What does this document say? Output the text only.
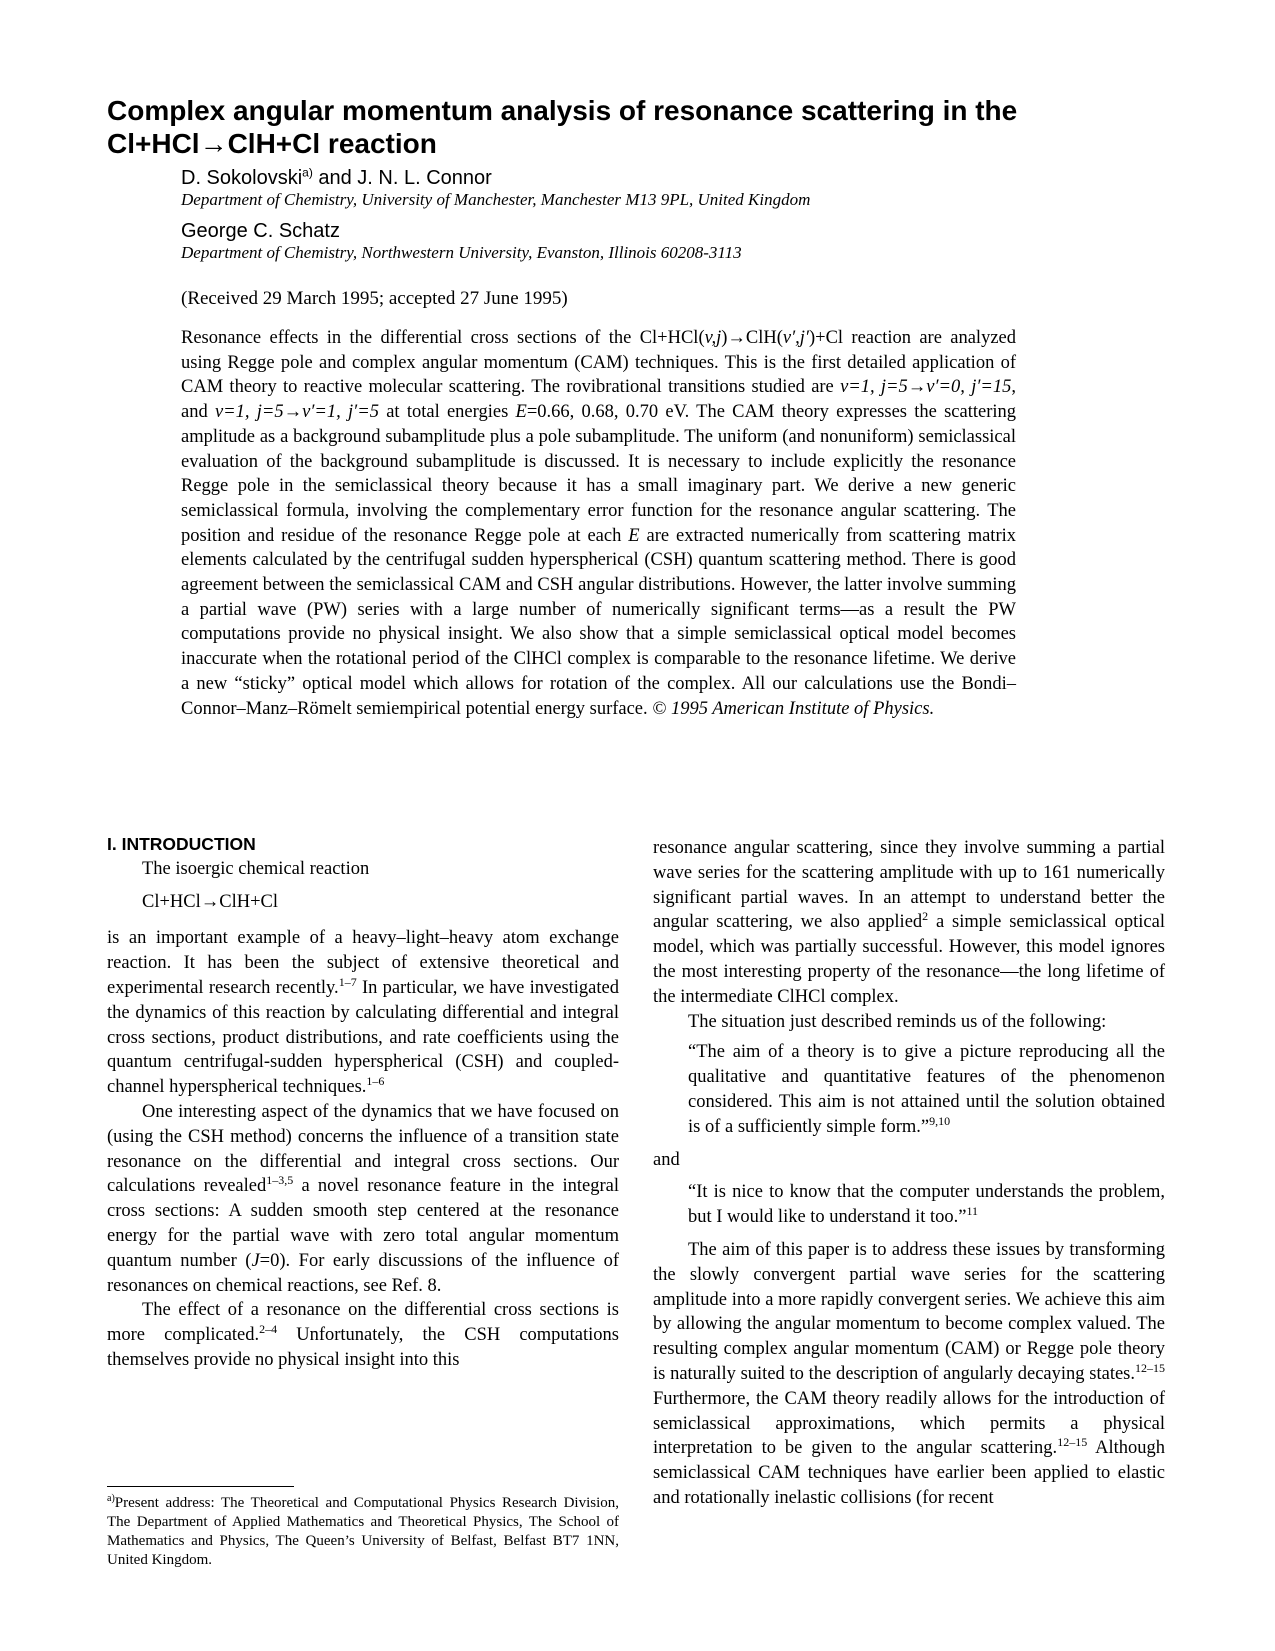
Complex angular momentum analysis of resonance scattering in the Cl+HCl→ClH+Cl reaction
D. Sokolovski$^{a)}$ and J. N. L. Connor
Department of Chemistry, University of Manchester, Manchester M13 9PL, United Kingdom
George C. Schatz
Department of Chemistry, Northwestern University, Evanston, Illinois 60208-3113
(Received 29 March 1995; accepted 27 June 1995)

Resonance effects in the differential cross sections of the Cl+HCl(v,j)→ClH(v′,j′)+Cl reaction are analyzed using Regge pole and complex angular momentum (CAM) techniques. This is the first detailed application of CAM theory to reactive molecular scattering. The rovibrational transitions studied are v=1, j=5→v′=0, j′=15, and v=1, j=5→v′=1, j′=5 at total energies E=0.66, 0.68, 0.70 eV. The CAM theory expresses the scattering amplitude as a background subamplitude plus a pole subamplitude. The uniform (and nonuniform) semiclassical evaluation of the background subamplitude is discussed. It is necessary to include explicitly the resonance Regge pole in the semiclassical theory because it has a small imaginary part. We derive a new generic semiclassical formula, involving the complementary error function for the resonance angular scattering. The position and residue of the resonance Regge pole at each E are extracted numerically from scattering matrix elements calculated by the centrifugal sudden hyperspherical (CSH) quantum scattering method. There is good agreement between the semiclassical CAM and CSH angular distributions. However, the latter involve summing a partial wave (PW) series with a large number of numerically significant terms—as a result the PW computations provide no physical insight. We also show that a simple semiclassical optical model becomes inaccurate when the rotational period of the ClHCl complex is comparable to the resonance lifetime. We derive a new “sticky” optical model which allows for rotation of the complex. All our calculations use the Bondi–Connor–Manz–Römelt semiempirical potential energy surface. © 1995 American Institute of Physics.

I. INTRODUCTION

The isoergic chemical reaction

Cl+HCl→ClH+Cl

is an important example of a heavy–light–heavy atom exchange reaction. It has been the subject of extensive theoretical and experimental research recently.$^{1-7}$ In particular, we have investigated the dynamics of this reaction by calculating differential and integral cross sections, product distributions, and rate coefficients using the quantum centrifugal-sudden hyperspherical (CSH) and coupled-channel hyperspherical techniques.$^{1-6}$

One interesting aspect of the dynamics that we have focused on (using the CSH method) concerns the influence of a transition state resonance on the differential and integral cross sections. Our calculations revealed$^{1-3,5}$ a novel resonance feature in the integral cross sections: A sudden smooth step centered at the resonance energy for the partial wave with zero total angular momentum quantum number (J=0). For early discussions of the influence of resonances on chemical reactions, see Ref. 8.

The effect of a resonance on the differential cross sections is more complicated.$^{2-4}$ Unfortunately, the CSH computations themselves provide no physical insight into this

resonance angular scattering, since they involve summing a partial wave series for the scattering amplitude with up to 161 numerically significant partial waves. In an attempt to understand better the angular scattering, we also applied$^2$ a simple semiclassical optical model, which was partially successful. However, this model ignores the most interesting property of the resonance—the long lifetime of the intermediate ClHCl complex.

The situation just described reminds us of the following:

“The aim of a theory is to give a picture reproducing all the qualitative and quantitative features of the phenomenon considered. This aim is not attained until the solution obtained is of a sufficiently simple form.”$^{9,10}$

and

“It is nice to know that the computer understands the problem, but I would like to understand it too.”$^{11}$

The aim of this paper is to address these issues by transforming the slowly convergent partial wave series for the scattering amplitude into a more rapidly convergent series. We achieve this aim by allowing the angular momentum to become complex valued. The resulting complex angular momentum (CAM) or Regge pole theory is naturally suited to the description of angularly decaying states.$^{12-15}$ Furthermore, the CAM theory readily allows for the introduction of semiclassical approximations, which permits a physical interpretation to be given to the angular scattering.$^{12-15}$ Although semiclassical CAM techniques have earlier been applied to elastic and rotationally inelastic collisions (for recent

$^{a)}$Present address: The Theoretical and Computational Physics Research Division, The Department of Applied Mathematics and Theoretical Physics, The School of Mathematics and Physics, The Queen’s University of Belfast, Belfast BT7 1NN, United Kingdom.
